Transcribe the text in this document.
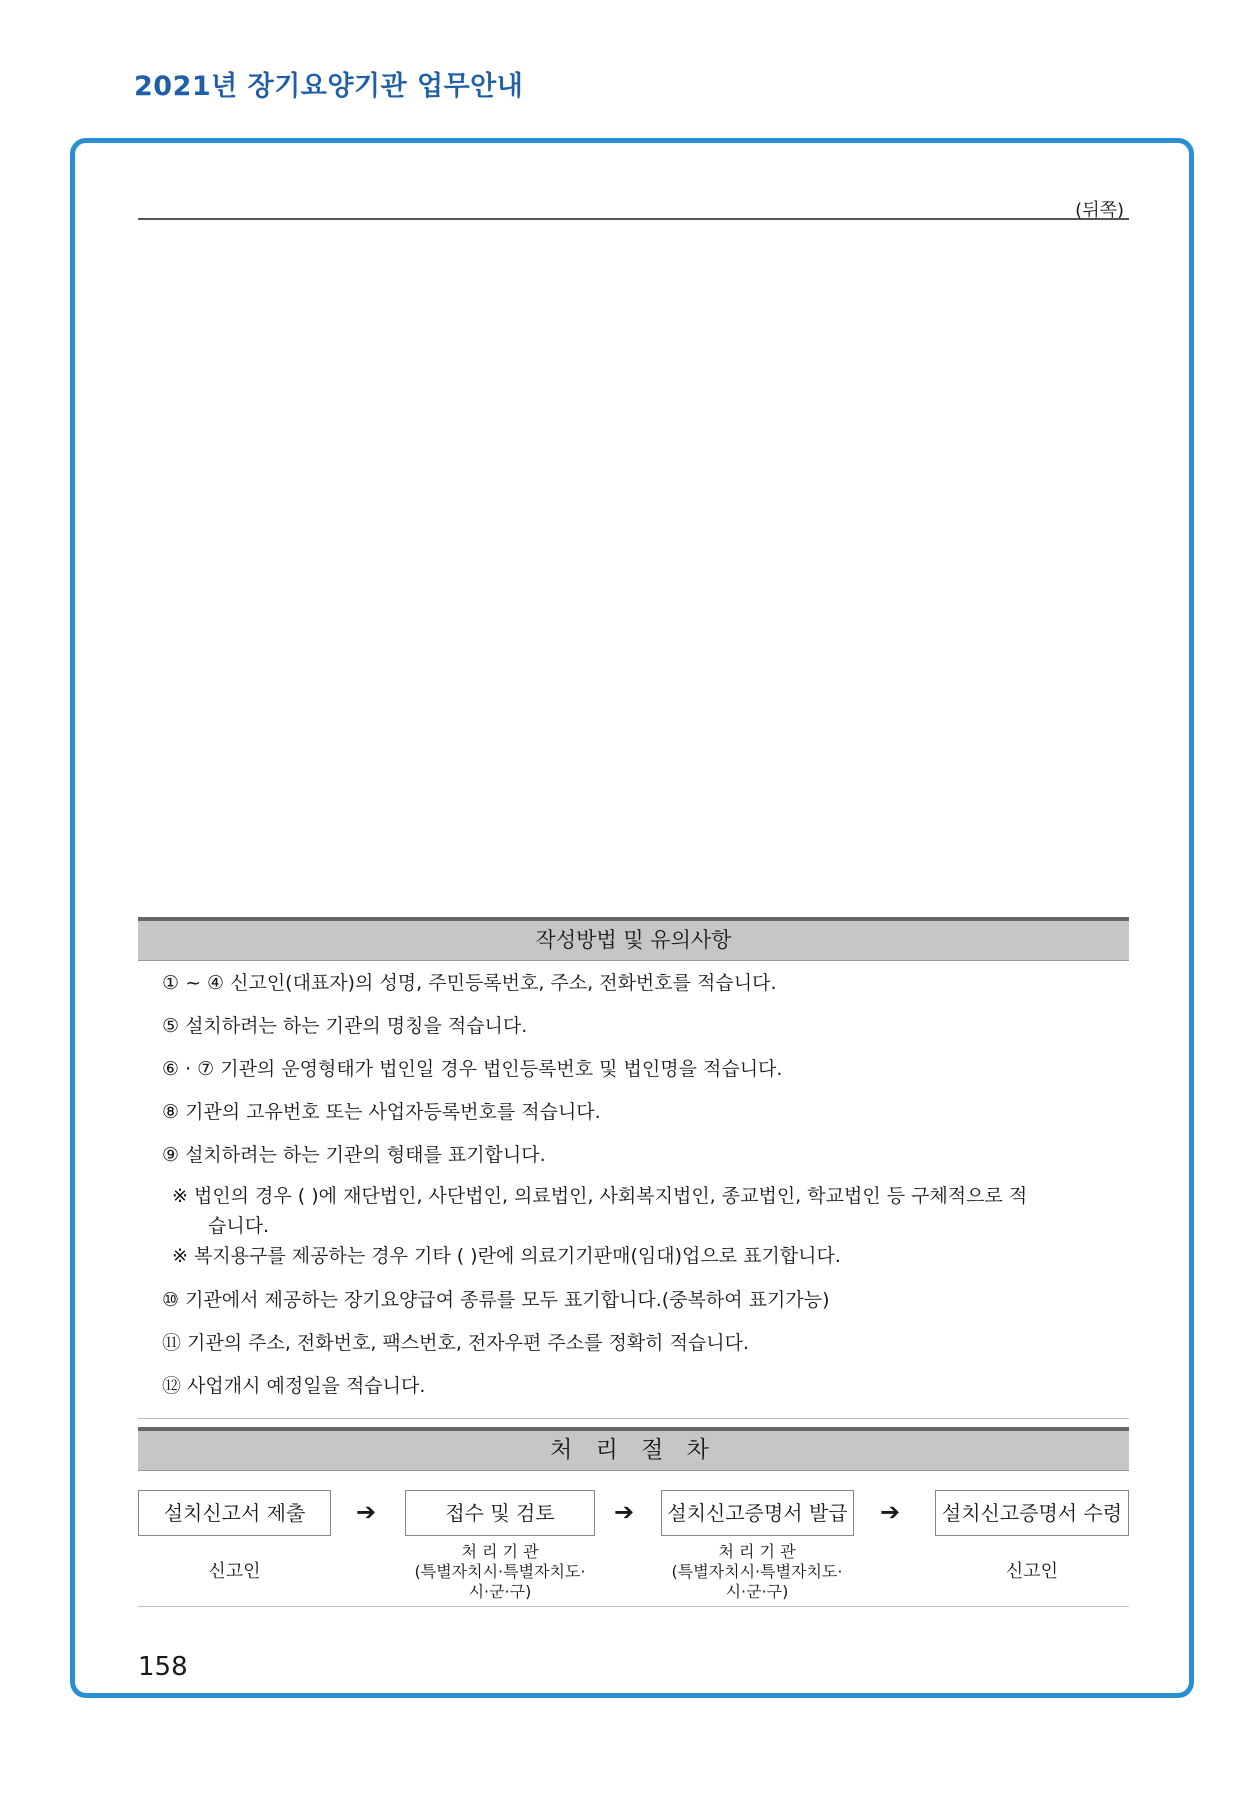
2021년 장기요양기관 업무안내
(뒤쪽)
작성방법 및 유의사항
① ~ ④ 신고인(대표자)의 성명, 주민등록번호, 주소, 전화번호를 적습니다.
⑤ 설치하려는 하는 기관의 명칭을 적습니다.
⑥ · ⑦ 기관의 운영형태가 법인일 경우 법인등록번호 및 법인명을 적습니다.
⑧ 기관의 고유번호 또는 사업자등록번호를 적습니다.
⑨ 설치하려는 하는 기관의 형태를 표기합니다.
※ 법인의 경우 ( )에 재단법인, 사단법인, 의료법인, 사회복지법인, 종교법인, 학교법인 등 구체적으로 적
습니다.
※ 복지용구를 제공하는 경우 기타 ( )란에 의료기기판매(임대)업으로 표기합니다.
⑩ 기관에서 제공하는 장기요양급여 종류를 모두 표기합니다.(중복하여 표기가능)
⑪ 기관의 주소, 전화번호, 팩스번호, 전자우편 주소를 정확히 적습니다.
⑫ 사업개시 예정일을 적습니다.
처 리 절 차
설치신고서 제출	➔	접수 및 검토	➔	설치신고증명서 발급 ➔	설치신고증명서 수령
신고인
처 리 기 관
(특별자치시·특별자치도·
시·군·구)
처 리 기 관
(특별자치시·특별자치도·
시·군·구)
신고인
158
